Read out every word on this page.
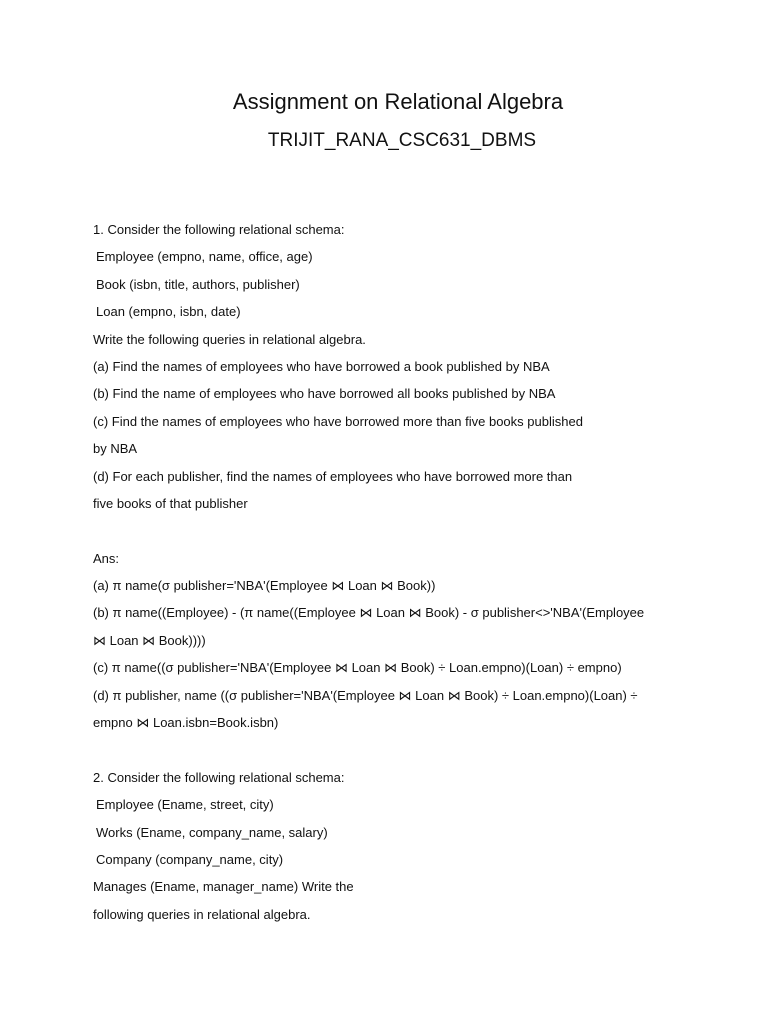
Assignment on Relational Algebra
TRIJIT_RANA_CSC631_DBMS
1. Consider the following relational schema:
Employee (empno, name, office, age)
Book (isbn, title, authors, publisher)
Loan (empno, isbn, date)
Write the following queries in relational algebra.
(a) Find the names of employees who have borrowed a book published by NBA
(b) Find the name of employees who have borrowed all books published by NBA
(c) Find the names of employees who have borrowed more than five books published
by NBA
(d) For each publisher, find the names of employees who have borrowed more than
five books of that publisher
Ans:
(a) π name(σ publisher='NBA'(Employee ⋈ Loan ⋈ Book))
(b) π name((Employee) - (π name((Employee ⋈ Loan ⋈ Book) - σ publisher<>'NBA'(Employee
⋈ Loan ⋈ Book))))
(c) π name((σ publisher='NBA'(Employee ⋈ Loan ⋈ Book) ÷ Loan.empno)(Loan) ÷ empno)
(d) π publisher, name ((σ publisher='NBA'(Employee ⋈ Loan ⋈ Book) ÷ Loan.empno)(Loan) ÷
empno ⋈ Loan.isbn=Book.isbn)
2. Consider the following relational schema:
Employee (Ename, street, city)
Works (Ename, company_name, salary)
Company (company_name, city)
Manages (Ename, manager_name) Write the
following queries in relational algebra.
